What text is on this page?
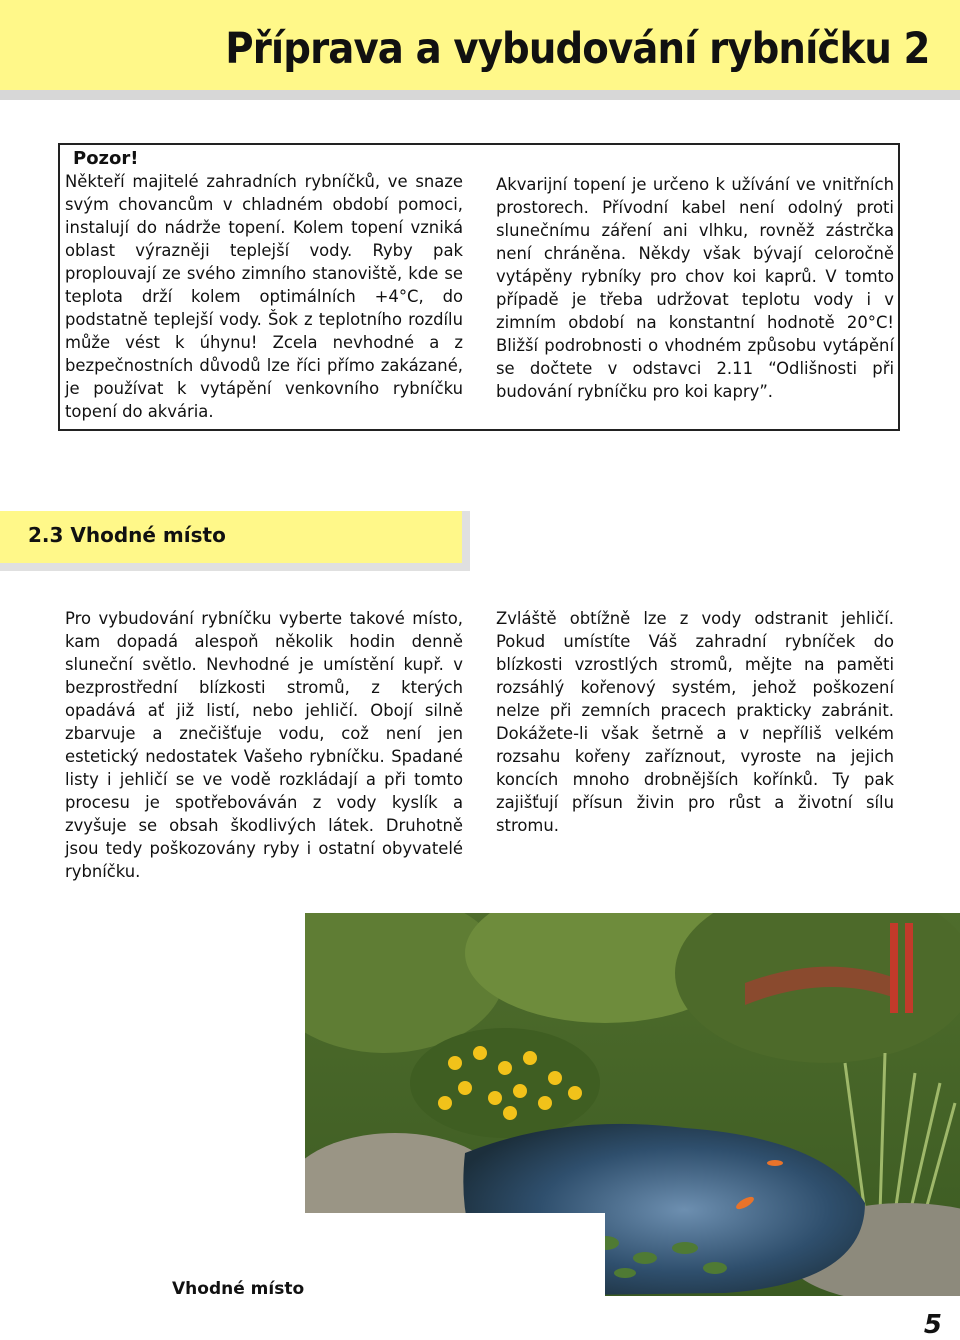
Příprava a vybudování rybníčku 2
Pozor!

Někteří majitelé zahradních rybníčků, ve snaze svým chovancům v chladném období pomoci, instalují do nádrže topení. Kolem topení vzniká oblast výrazněji teplejší vody. Ryby pak proplouvají ze svého zimního stanoviště, kde se teplota drží kolem optimálních +4°C, do podstatně teplejší vody. Šok z teplotního rozdílu může vést k úhynu! Zcela nevhodné a z bezpečnostních důvodů lze říci přímo zakázané, je používat k vytápění venkovního rybníčku topení do akvária.

Akvarijní topení je určeno k užívání ve vnitřních prostorech. Přívodní kabel není odolný proti slunečnímu záření ani vlhku, rovněž zástrčka není chráněna. Někdy však bývají celoročně vytápěny rybníky pro chov koi kaprů. V tomto případě je třeba udržovat teplotu vody i v zimním období na konstantní hodnotě 20°C! Bližší podrobnosti o vhodném způsobu vytápění se dočtete v odstavci 2.11 “Odlišnosti při budování rybníčku pro koi kapry”.

2.3 Vhodné místo

Pro vybudování rybníčku vyberte takové místo, kam dopadá alespoň několik hodin denně sluneční světlo. Nevhodné je umístění kupř. v bezprostřední blízkosti stromů, z kterých opadává ať již listí, nebo jehličí. Obojí silně zbarvuje a znečišťuje vodu, což není jen estetický nedostatek Vašeho rybníčku. Spadané listy i jehličí se ve vodě rozkládají a při tomto procesu je spotřebováván z vody kyslík a zvyšuje se obsah škodlivých látek. Druhotně jsou tedy poškozovány ryby i ostatní obyvatelé rybníčku.

Zvláště obtížně lze z vody odstranit jehličí. Pokud umístíte Váš zahradní rybníček do blízkosti vzrostlých stromů, mějte na paměti rozsáhlý kořenový systém, jehož poškození nelze při zemních pracech prakticky zabránit. Dokážete-li však šetrně a v nepříliš velkém rozsahu kořeny zaříznout, vyroste na jejich koncích mnoho drobnějších kořínků. Ty pak zajišťují přísun živin pro růst a životní sílu stromu.

Vhodné místo
5
